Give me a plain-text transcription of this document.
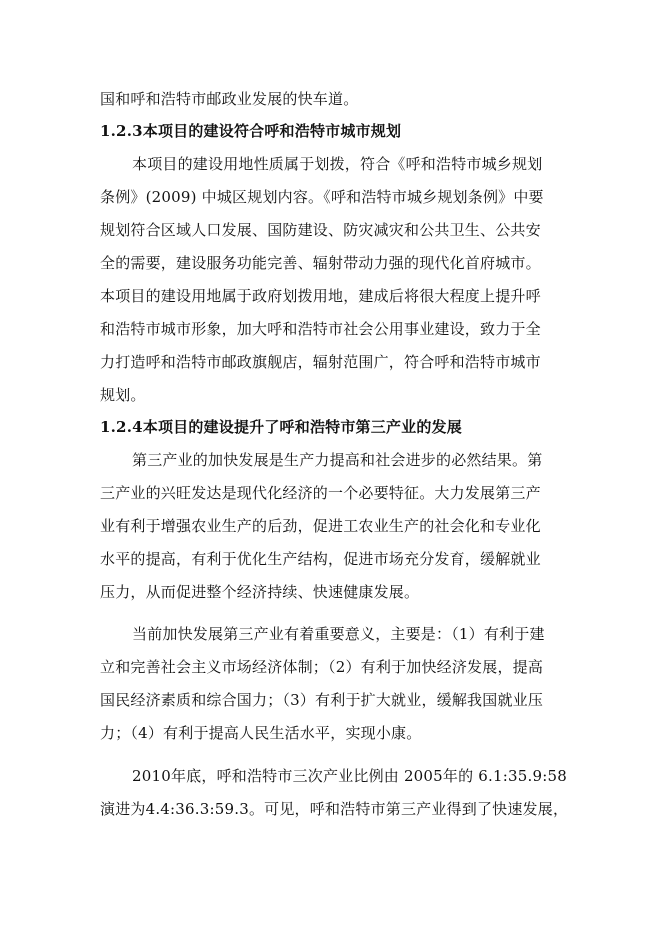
国和呼和浩特市邮政业发展的快车道。
1.2.3本项目的建设符合呼和浩特市城市规划
本项目的建设用地性质属于划拨，符合《呼和浩特市城乡规划
条例》(2009) 中城区规划内容。《呼和浩特市城乡规划条例》中要
规划符合区域人口发展、国防建设、防灾减灾和公共卫生、公共安
全的需要，建设服务功能完善、辐射带动力强的现代化首府城市。
本项目的建设用地属于政府划拨用地，建成后将很大程度上提升呼
和浩特市城市形象，加大呼和浩特市社会公用事业建设，致力于全
力打造呼和浩特市邮政旗舰店，辐射范围广，符合呼和浩特市城市
规划。
1.2.4本项目的建设提升了呼和浩特市第三产业的发展
第三产业的加快发展是生产力提高和社会进步的必然结果。第
三产业的兴旺发达是现代化经济的一个必要特征。大力发展第三产
业有利于增强农业生产的后劲，促进工农业生产的社会化和专业化
水平的提高，有利于优化生产结构，促进市场充分发育，缓解就业
压力，从而促进整个经济持续、快速健康发展。
当前加快发展第三产业有着重要意义，主要是：（1）有利于建
立和完善社会主义市场经济体制；（2）有利于加快经济发展，提高
国民经济素质和综合国力；（3）有利于扩大就业，缓解我国就业压
力；（4）有利于提高人民生活水平，实现小康。
2010年底，呼和浩特市三次产业比例由 2005年的 6.1:35.9:58
演进为4.4:36.3:59.3。可见，呼和浩特市第三产业得到了快速发展，
